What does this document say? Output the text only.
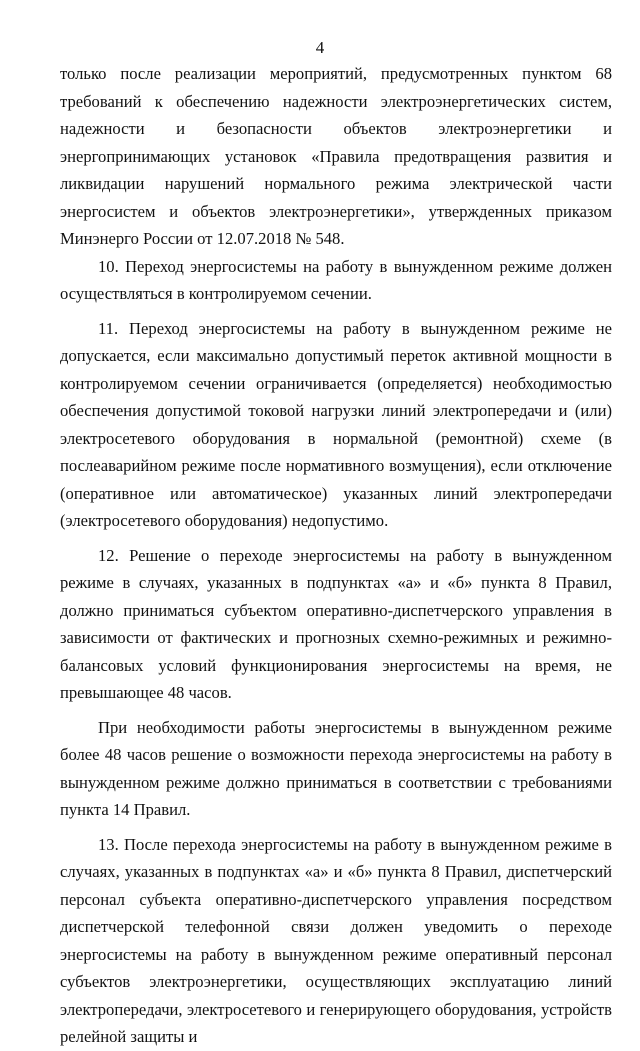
4

только после реализации мероприятий, предусмотренных пунктом 68 требований к обеспечению надежности электроэнергетических систем, надежности и безопасности объектов электроэнергетики и энергопринимающих установок «Правила предотвращения развития и ликвидации нарушений нормального режима электрической части энергосистем и объектов электроэнергетики», утвержденных приказом Минэнерго России от 12.07.2018 № 548.

10. Переход энергосистемы на работу в вынужденном режиме должен осуществляться в контролируемом сечении.

11. Переход энергосистемы на работу в вынужденном режиме не допускается, если максимально допустимый переток активной мощности в контролируемом сечении ограничивается (определяется) необходимостью обеспечения допустимой токовой нагрузки линий электропередачи и (или) электросетевого оборудования в нормальной (ремонтной) схеме (в послеаварийном режиме после нормативного возмущения), если отключение (оперативное или автоматическое) указанных линий электропередачи (электросетевого оборудования) недопустимо.

12. Решение о переходе энергосистемы на работу в вынужденном режиме в случаях, указанных в подпунктах «а» и «б» пункта 8 Правил, должно приниматься субъектом оперативно-диспетчерского управления в зависимости от фактических и прогнозных схемно-режимных и режимно-балансовых условий функционирования энергосистемы на время, не превышающее 48 часов.

При необходимости работы энергосистемы в вынужденном режиме более 48 часов решение о возможности перехода энергосистемы на работу в вынужденном режиме должно приниматься в соответствии с требованиями пункта 14 Правил.

13. После перехода энергосистемы на работу в вынужденном режиме в случаях, указанных в подпунктах «а» и «б» пункта 8 Правил, диспетчерский персонал субъекта оперативно-диспетчерского управления посредством диспетчерской телефонной связи должен уведомить о переходе энергосистемы на работу в вынужденном режиме оперативный персонал субъектов электроэнергетики, осуществляющих эксплуатацию линий электропередачи, электросетевого и генерирующего оборудования, устройств релейной защиты и
